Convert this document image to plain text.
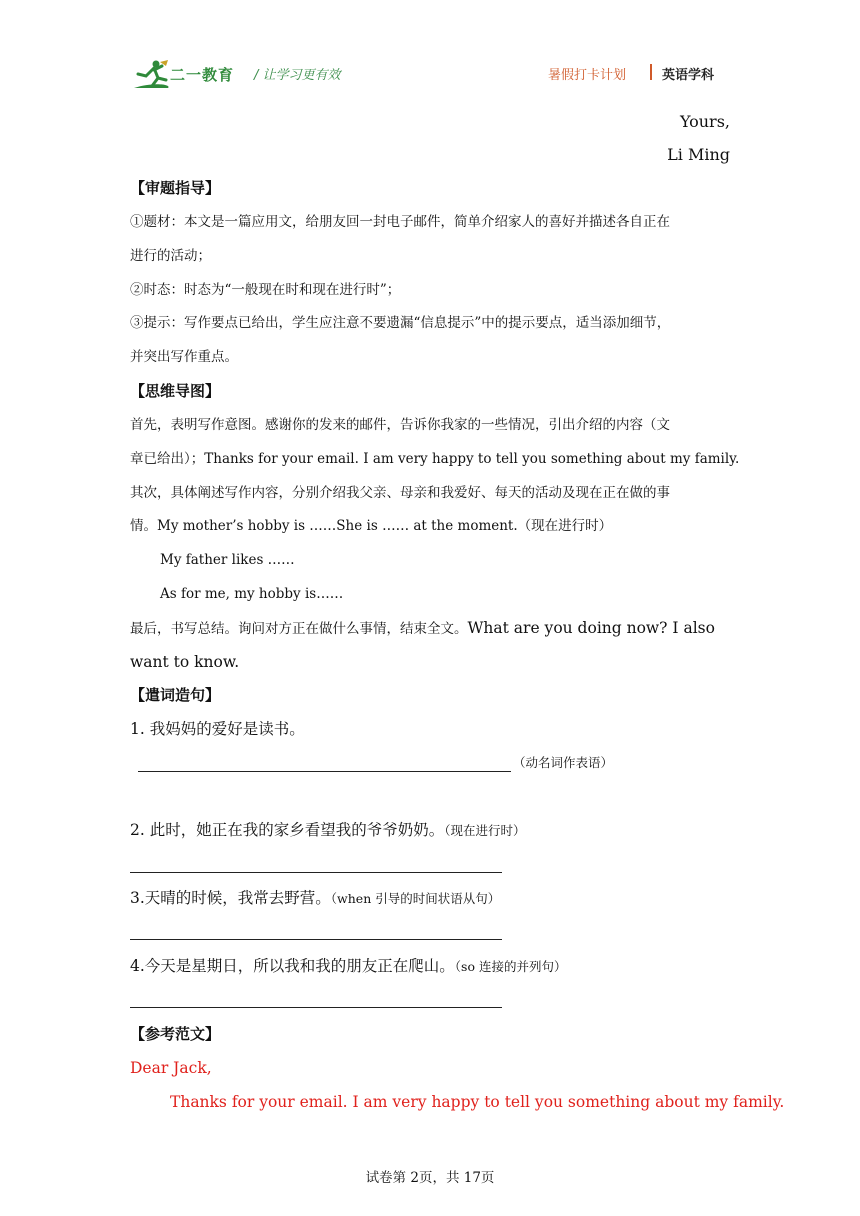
二一教育 / 让学习更有效	暑假打卡计划	英语学科
Yours,
Li Ming
【审题指导】
①题材：本文是一篇应用文，给朋友回一封电子邮件，简单介绍家人的喜好并描述各自正在
进行的活动；
②时态：时态为“一般现在时和现在进行时”；
③提示：写作要点已给出，学生应注意不要遗漏“信息提示”中的提示要点，适当添加细节，
并突出写作重点。
【思维导图】
首先，表明写作意图。感谢你的发来的邮件，告诉你我家的一些情况，引出介绍的内容（文
章已给出）；Thanks for your email. I am very happy to tell you something about my family.
其次，具体阐述写作内容，分别介绍我父亲、母亲和我爱好、每天的活动及现在正在做的事
情。My mother’s hobby is ……She is …… at the moment.（现在进行时）
My father likes ……
As for me, my hobby is……
最后，书写总结。询问对方正在做什么事情，结束全文。What are you doing now? I also
want to know.
【遣词造句】
1. 我妈妈的爱好是读书。
（动名词作表语）
2. 此时，她正在我的家乡看望我的爷爷奶奶。（现在进行时）
3.天晴的时候，我常去野营。（when 引导的时间状语从句）
4.今天是星期日，所以我和我的朋友正在爬山。（so 连接的并列句）
【参考范文】
Dear Jack,
Thanks for your email. I am very happy to tell you something about my family.
试卷第 2页，共 17页
